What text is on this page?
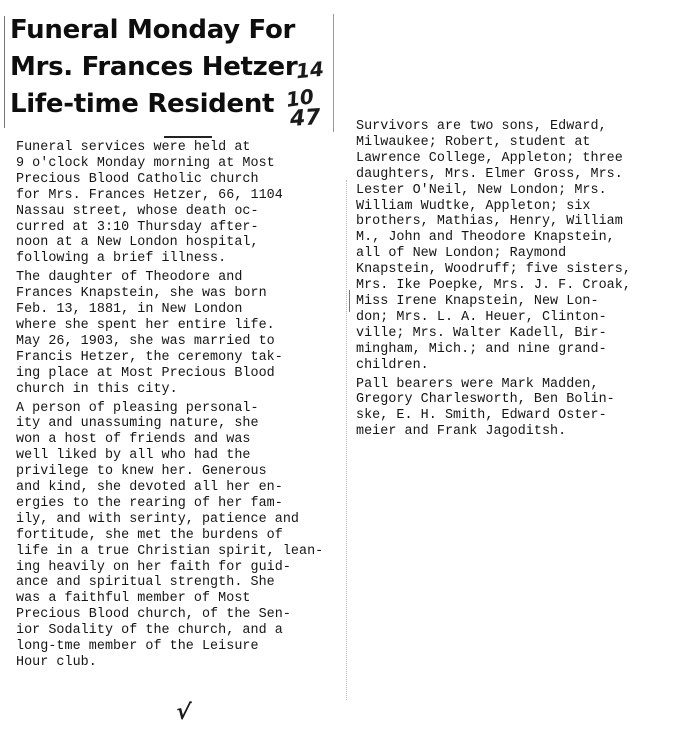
Funeral Monday For
Mrs. Frances Hetzer
Life-time Resident
14
10
47
Funeral services were held at
9 o'clock Monday morning at Most
Precious Blood Catholic church
for Mrs. Frances Hetzer, 66, 1104
Nassau street, whose death oc-
curred at 3:10 Thursday after-
noon at a New London hospital,
following a brief illness.
The daughter of Theodore and
Frances Knapstein, she was born
Feb. 13, 1881, in New London
where she spent her entire life.
May 26, 1903, she was married to
Francis Hetzer, the ceremony tak-
ing place at Most Precious Blood
church in this city.
A person of pleasing personal-
ity and unassuming nature, she
won a host of friends and was
well liked by all who had the
privilege to knew her. Generous
and kind, she devoted all her en-
ergies to the rearing of her fam-
ily, and with serinty, patience and
fortitude, she met the burdens of
life in a true Christian spirit, lean-
ing heavily on her faith for guid-
ance and spiritual strength. She
was a faithful member of Most
Precious Blood church, of the Sen-
ior Sodality of the church, and a
long-tme member of the Leisure
Hour club.
Survivors are two sons, Edward,
Milwaukee; Robert, student at
Lawrence College, Appleton; three
daughters, Mrs. Elmer Gross, Mrs.
Lester O'Neil, New London; Mrs.
William Wudtke, Appleton; six
brothers, Mathias, Henry, William
M., John and Theodore Knapstein,
all of New London; Raymond
Knapstein, Woodruff; five sisters,
Mrs. Ike Poepke, Mrs. J. F. Croak,
Miss Irene Knapstein, New Lon-
don; Mrs. L. A. Heuer, Clinton-
ville; Mrs. Walter Kadell, Bir-
mingham, Mich.; and nine grand-
children.
Pall bearers were Mark Madden,
Gregory Charlesworth, Ben Bolin-
ske, E. H. Smith, Edward Oster-
meier and Frank Jagoditsh.
√
